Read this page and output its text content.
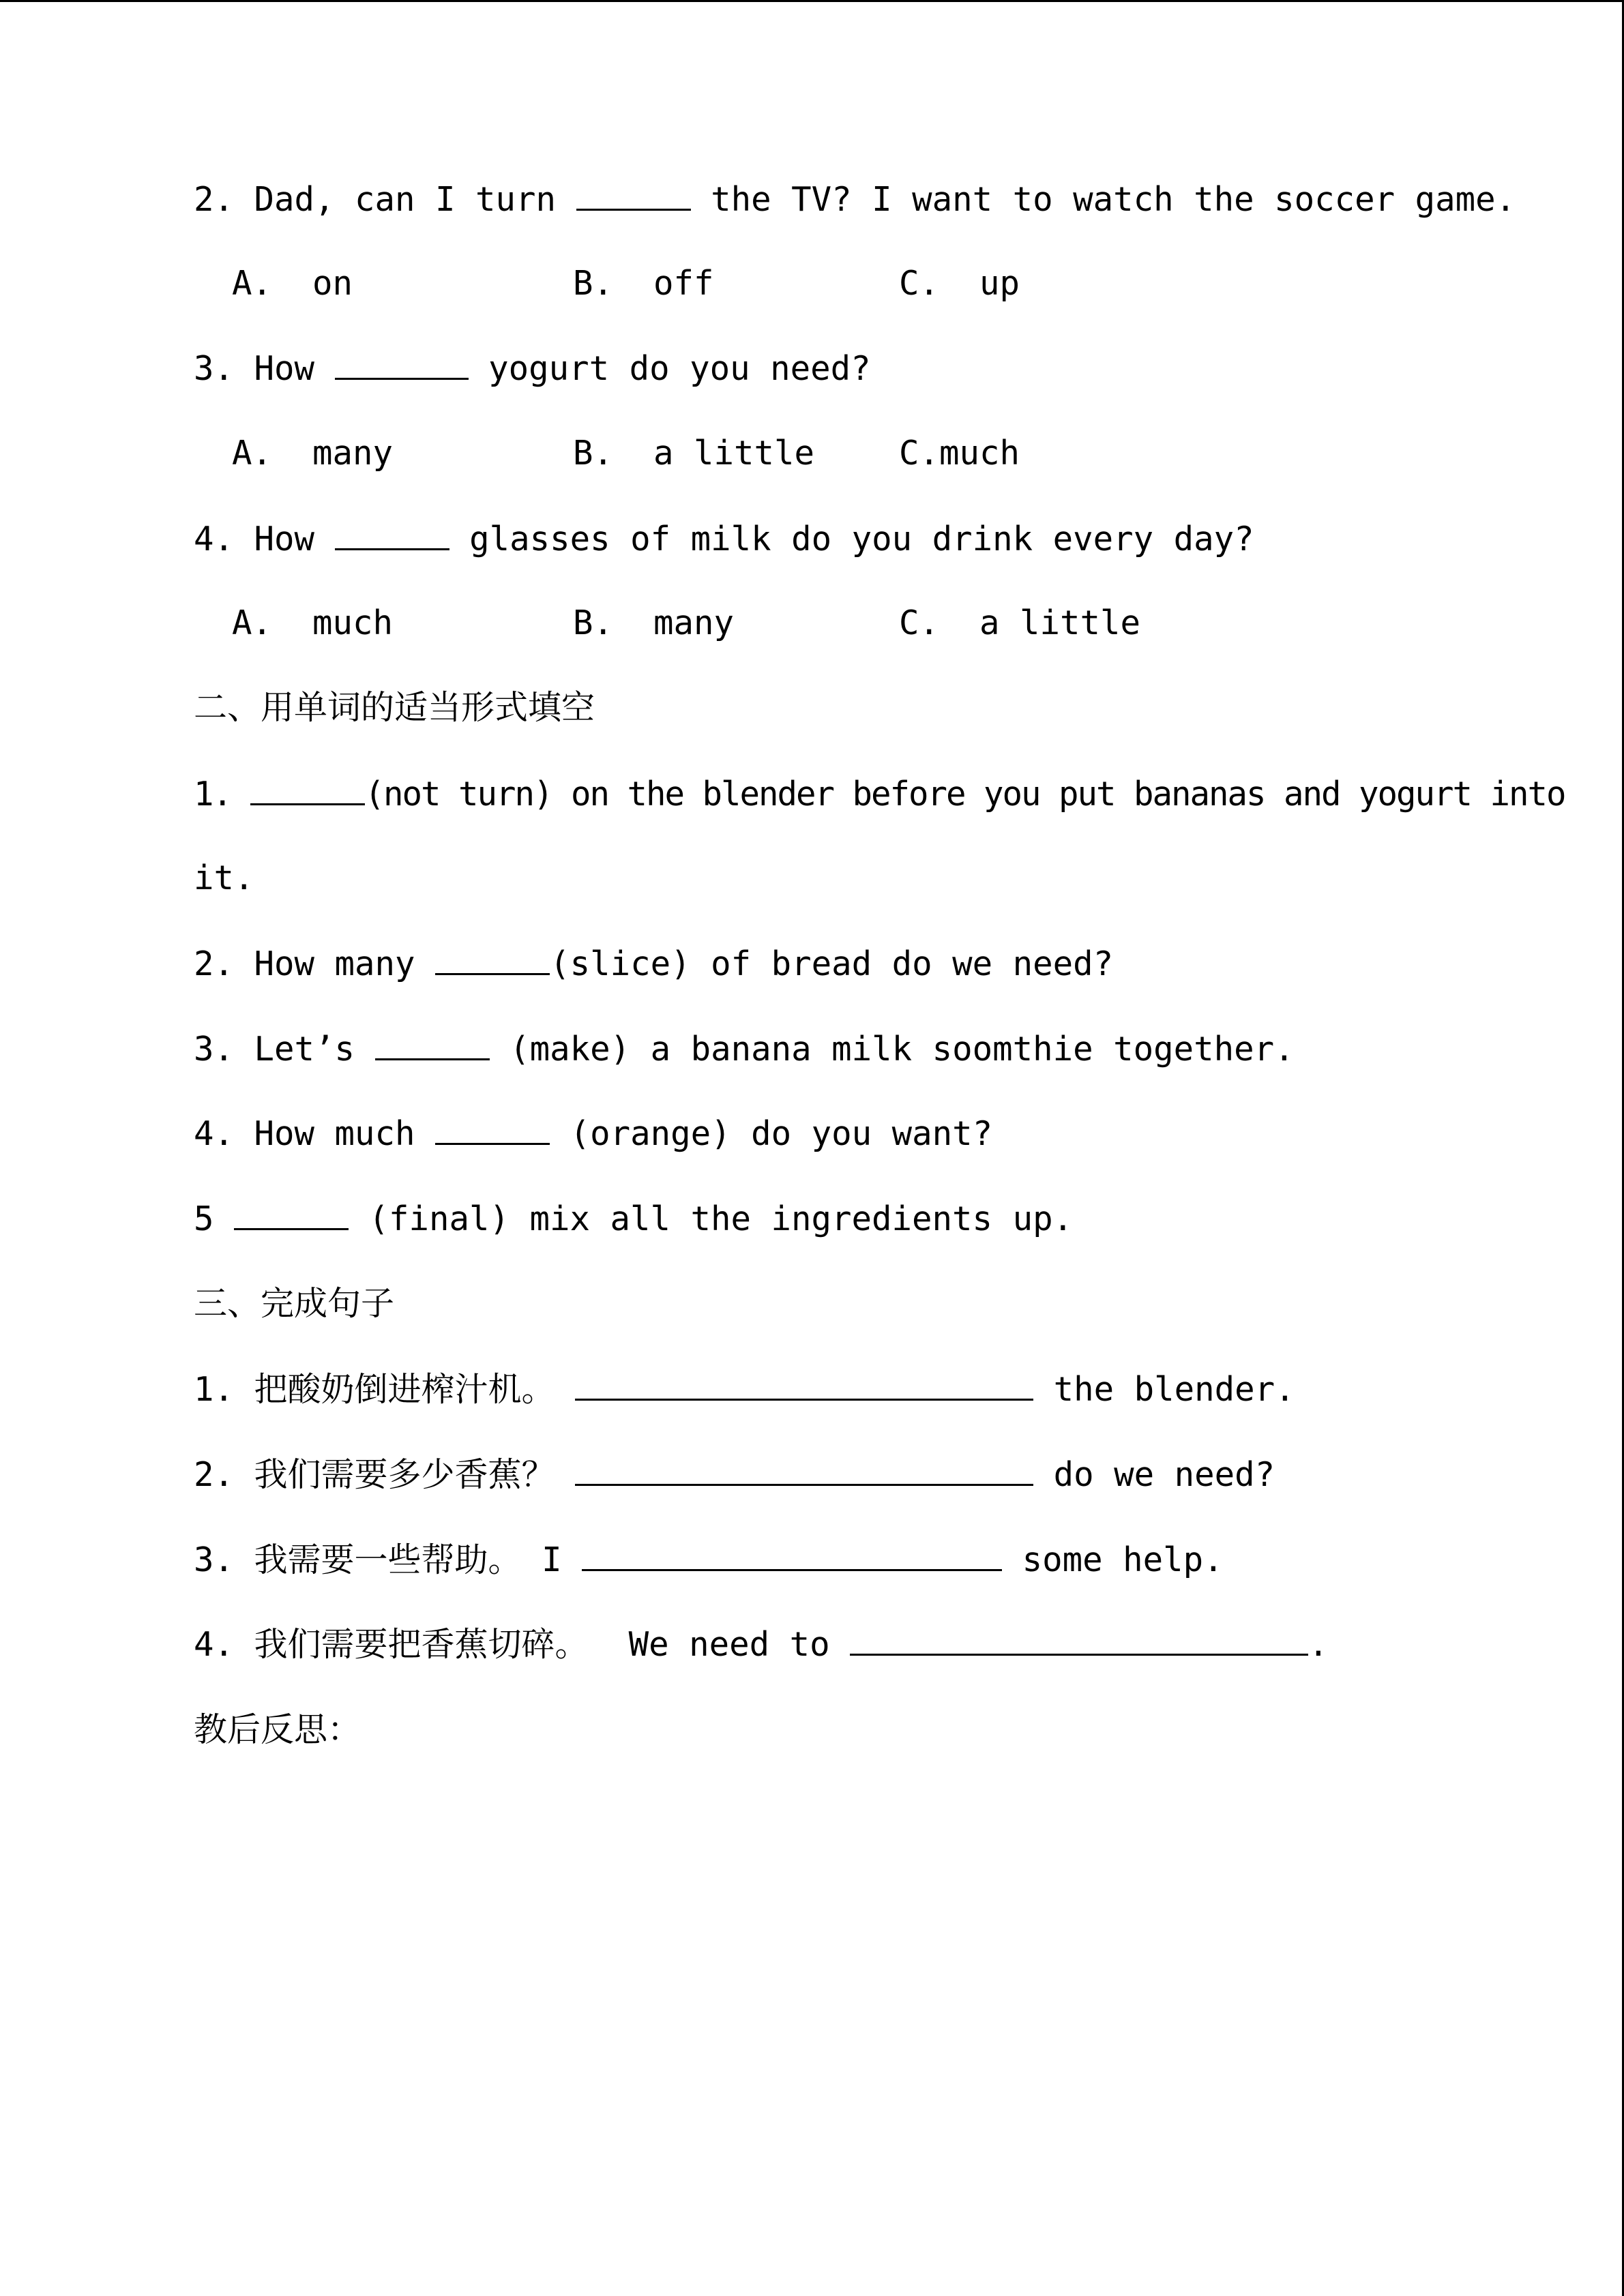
2. Dad, can I turn	the TV? I want to watch the soccer game.
A.  on	B.  off	C.  up
3. How	yogurt do you need?
A.  many	B.  a little	C.much
4. How	glasses of milk do you drink every day?
A.  much	B.  many	C.  a little
二、用单词的适当形式填空
1.	(not turn) on the blender before you put bananas and yogurt into
it.
2. How many	(slice) of bread do we need?
3. Let’s	(make) a banana milk soomthie together.
4. How much	(orange) do you want?
5	(final) mix all the ingredients up.
三、完成句子
1. 把酸奶倒进榨汁机。	the blender.
2. 我们需要多少香蕉？	do we need?
3. 我需要一些帮助。 I	some help.
4. 我们需要把香蕉切碎。 We need to	.
教后反思：
